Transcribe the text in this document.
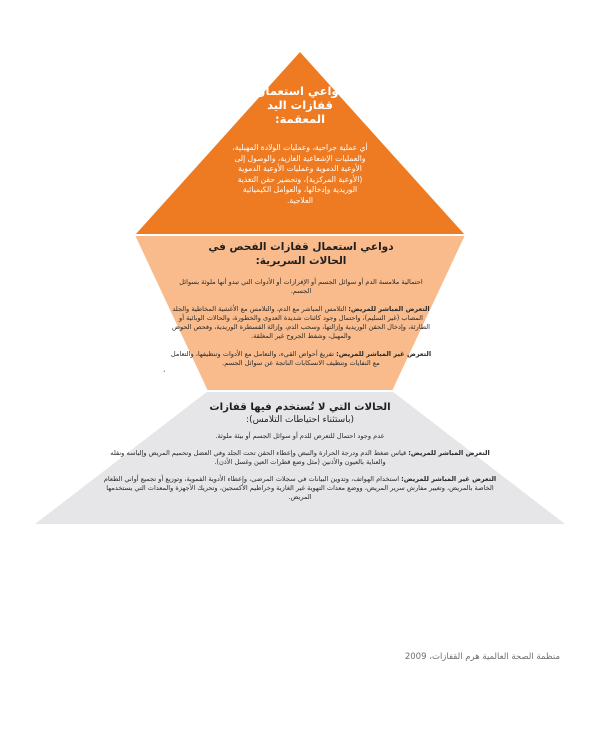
دواعي استعمال قفازات اليد المعقمة:
أي عملية جراحية، وعمليات الولادة المهبلية، والعمليات الإشعاعية الغازية، والوصول إلى الأوعية الدموية وعمليات الأوعية الدموية (الأوعية المركزية)، وتحضير حقن التغذية الوريدية وإدخالها، والعوامل الكيميائية العلاجية.
دواعي استعمال قفازات الفحص في الحالات السريرية:

احتمالية ملامسة الدم أو سوائل الجسم أو الإفرازات أو الأدوات التي تبدو أنها ملوثة بسوائل الجسم.

التعرض المباشر للمريض: التلامس المباشر مع الدم، والتلامس مع الأغشية المخاطية والجلد المصاب (غير السليم)، واحتمال وجود كائنات شديدة العدوى والخطورة، والحالات الوبائية أو الطارئة، وإدخال الحقن الوريدية وإزالتها، وسحب الدم، وإزالة القسطرة الوريدية، وفحص الحوض والمهبل، وشفط الجروح غير المغلقة.

التعرض غير المباشر للمريض: تفريغ أحواض القيء، والتعامل مع الأدوات وتنظيفها، والتعامل مع النفايات وتنظيف الانسكابات الناتجة عن سوائل الجسم.

،
الحالات التي لا تُستخدم فيها قفازات
(باستثناء احتياطات التلامس):

عدم وجود احتمال للتعرض للدم أو سوائل الجسم أو بيئة ملوثة.

التعرض المباشر للمريض: قياس ضغط الدم ودرجة الحرارة والنبض وإعطاء الحقن تحت الجلد وفي العضل وتحميم المريض وإلباسه ونقله والعناية بالعيون والأذنين (مثل وضع قطرات العين وغسل الأذن).

التعرض غير المباشر للمريض: استخدام الهواتف، وتدوين البيانات في سجلات المرضى، وإعطاء الأدوية الفموية، وتوزيع أو تجميع أواني الطعام الخاصة بالمريض، وتغيير مفارش سرير المريض، ووضع معدات التهوية غير الغازية وخراطيم الأكسجين، وتحريك الأجهزة والمعدات التي يستخدمها المريض.

منظمة الصحة العالمية هرم القفازات، 2009
